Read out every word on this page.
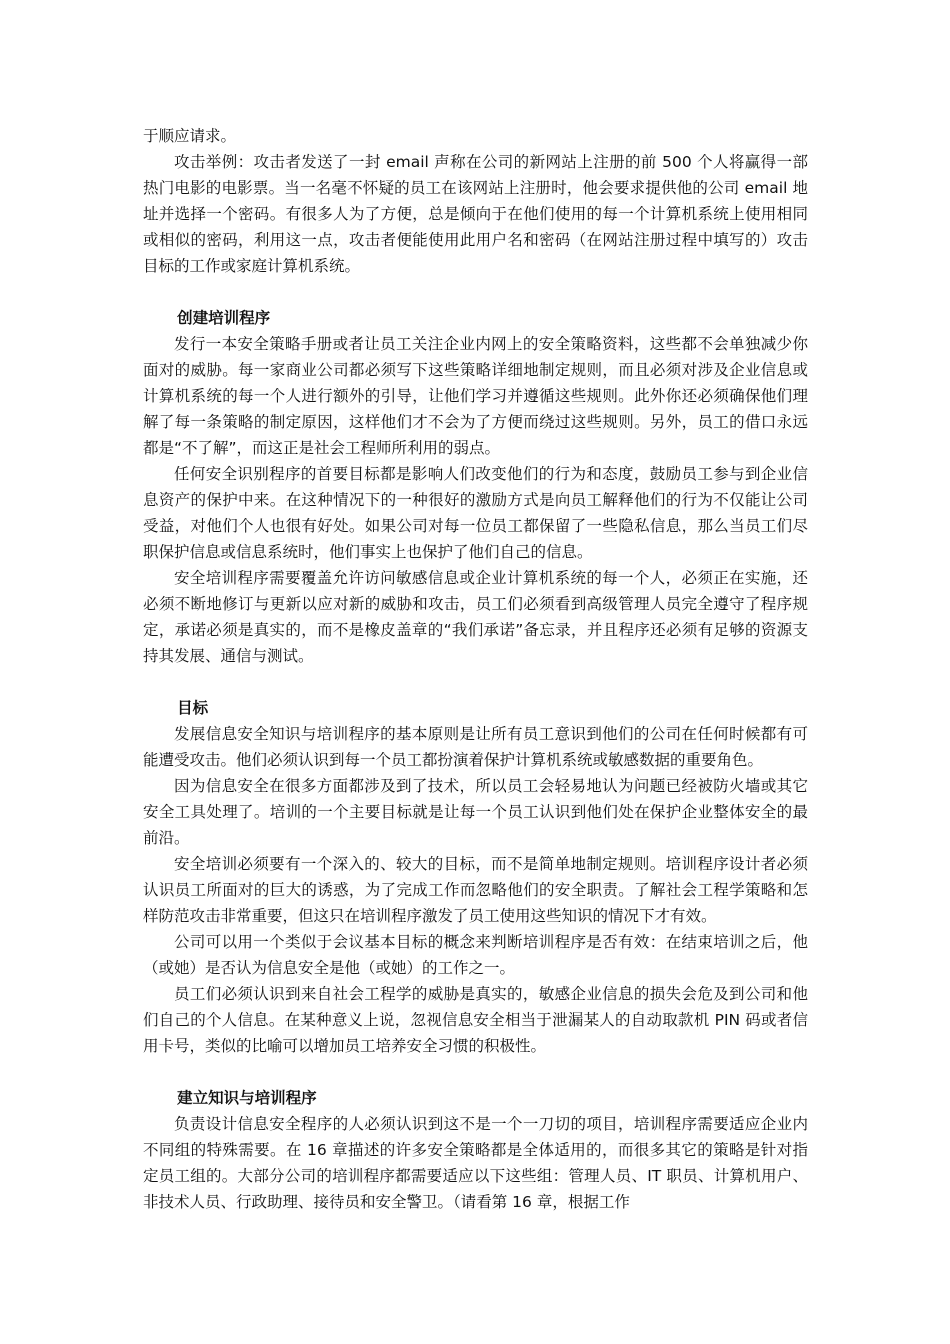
于顺应请求。

攻击举例：攻击者发送了一封 email 声称在公司的新网站上注册的前 500 个人将赢得一部热门电影的电影票。当一名毫不怀疑的员工在该网站上注册时，他会要求提供他的公司 email 地址并选择一个密码。有很多人为了方便，总是倾向于在他们使用的每一个计算机系统上使用相同或相似的密码，利用这一点，攻击者便能使用此用户名和密码（在网站注册过程中填写的）攻击目标的工作或家庭计算机系统。

创建培训程序

发行一本安全策略手册或者让员工关注企业内网上的安全策略资料，这些都不会单独减少你面对的威胁。每一家商业公司都必须写下这些策略详细地制定规则，而且必须对涉及企业信息或计算机系统的每一个人进行额外的引导，让他们学习并遵循这些规则。此外你还必须确保他们理解了每一条策略的制定原因，这样他们才不会为了方便而绕过这些规则。另外，员工的借口永远都是“不了解”，而这正是社会工程师所利用的弱点。

任何安全识别程序的首要目标都是影响人们改变他们的行为和态度，鼓励员工参与到企业信息资产的保护中来。在这种情况下的一种很好的激励方式是向员工解释他们的行为不仅能让公司受益，对他们个人也很有好处。如果公司对每一位员工都保留了一些隐私信息，那么当员工们尽职保护信息或信息系统时，他们事实上也保护了他们自己的信息。

安全培训程序需要覆盖允许访问敏感信息或企业计算机系统的每一个人，必须正在实施，还必须不断地修订与更新以应对新的威胁和攻击，员工们必须看到高级管理人员完全遵守了程序规定，承诺必须是真实的，而不是橡皮盖章的“我们承诺”备忘录，并且程序还必须有足够的资源支持其发展、通信与测试。

目标

发展信息安全知识与培训程序的基本原则是让所有员工意识到他们的公司在任何时候都有可能遭受攻击。他们必须认识到每一个员工都扮演着保护计算机系统或敏感数据的重要角色。

因为信息安全在很多方面都涉及到了技术，所以员工会轻易地认为问题已经被防火墙或其它安全工具处理了。培训的一个主要目标就是让每一个员工认识到他们处在保护企业整体安全的最前沿。

安全培训必须要有一个深入的、较大的目标，而不是简单地制定规则。培训程序设计者必须认识员工所面对的巨大的诱惑，为了完成工作而忽略他们的安全职责。了解社会工程学策略和怎样防范攻击非常重要，但这只在培训程序激发了员工使用这些知识的情况下才有效。

公司可以用一个类似于会议基本目标的概念来判断培训程序是否有效：在结束培训之后，他（或她）是否认为信息安全是他（或她）的工作之一。

员工们必须认识到来自社会工程学的威胁是真实的，敏感企业信息的损失会危及到公司和他们自己的个人信息。在某种意义上说，忽视信息安全相当于泄漏某人的自动取款机 PIN 码或者信用卡号，类似的比喻可以增加员工培养安全习惯的积极性。

建立知识与培训程序

负责设计信息安全程序的人必须认识到这不是一个一刀切的项目，培训程序需要适应企业内不同组的特殊需要。在 16 章描述的许多安全策略都是全体适用的，而很多其它的策略是针对指定员工组的。大部分公司的培训程序都需要适应以下这些组：管理人员、IT 职员、计算机用户、非技术人员、行政助理、接待员和安全警卫。（请看第 16 章，根据工作
